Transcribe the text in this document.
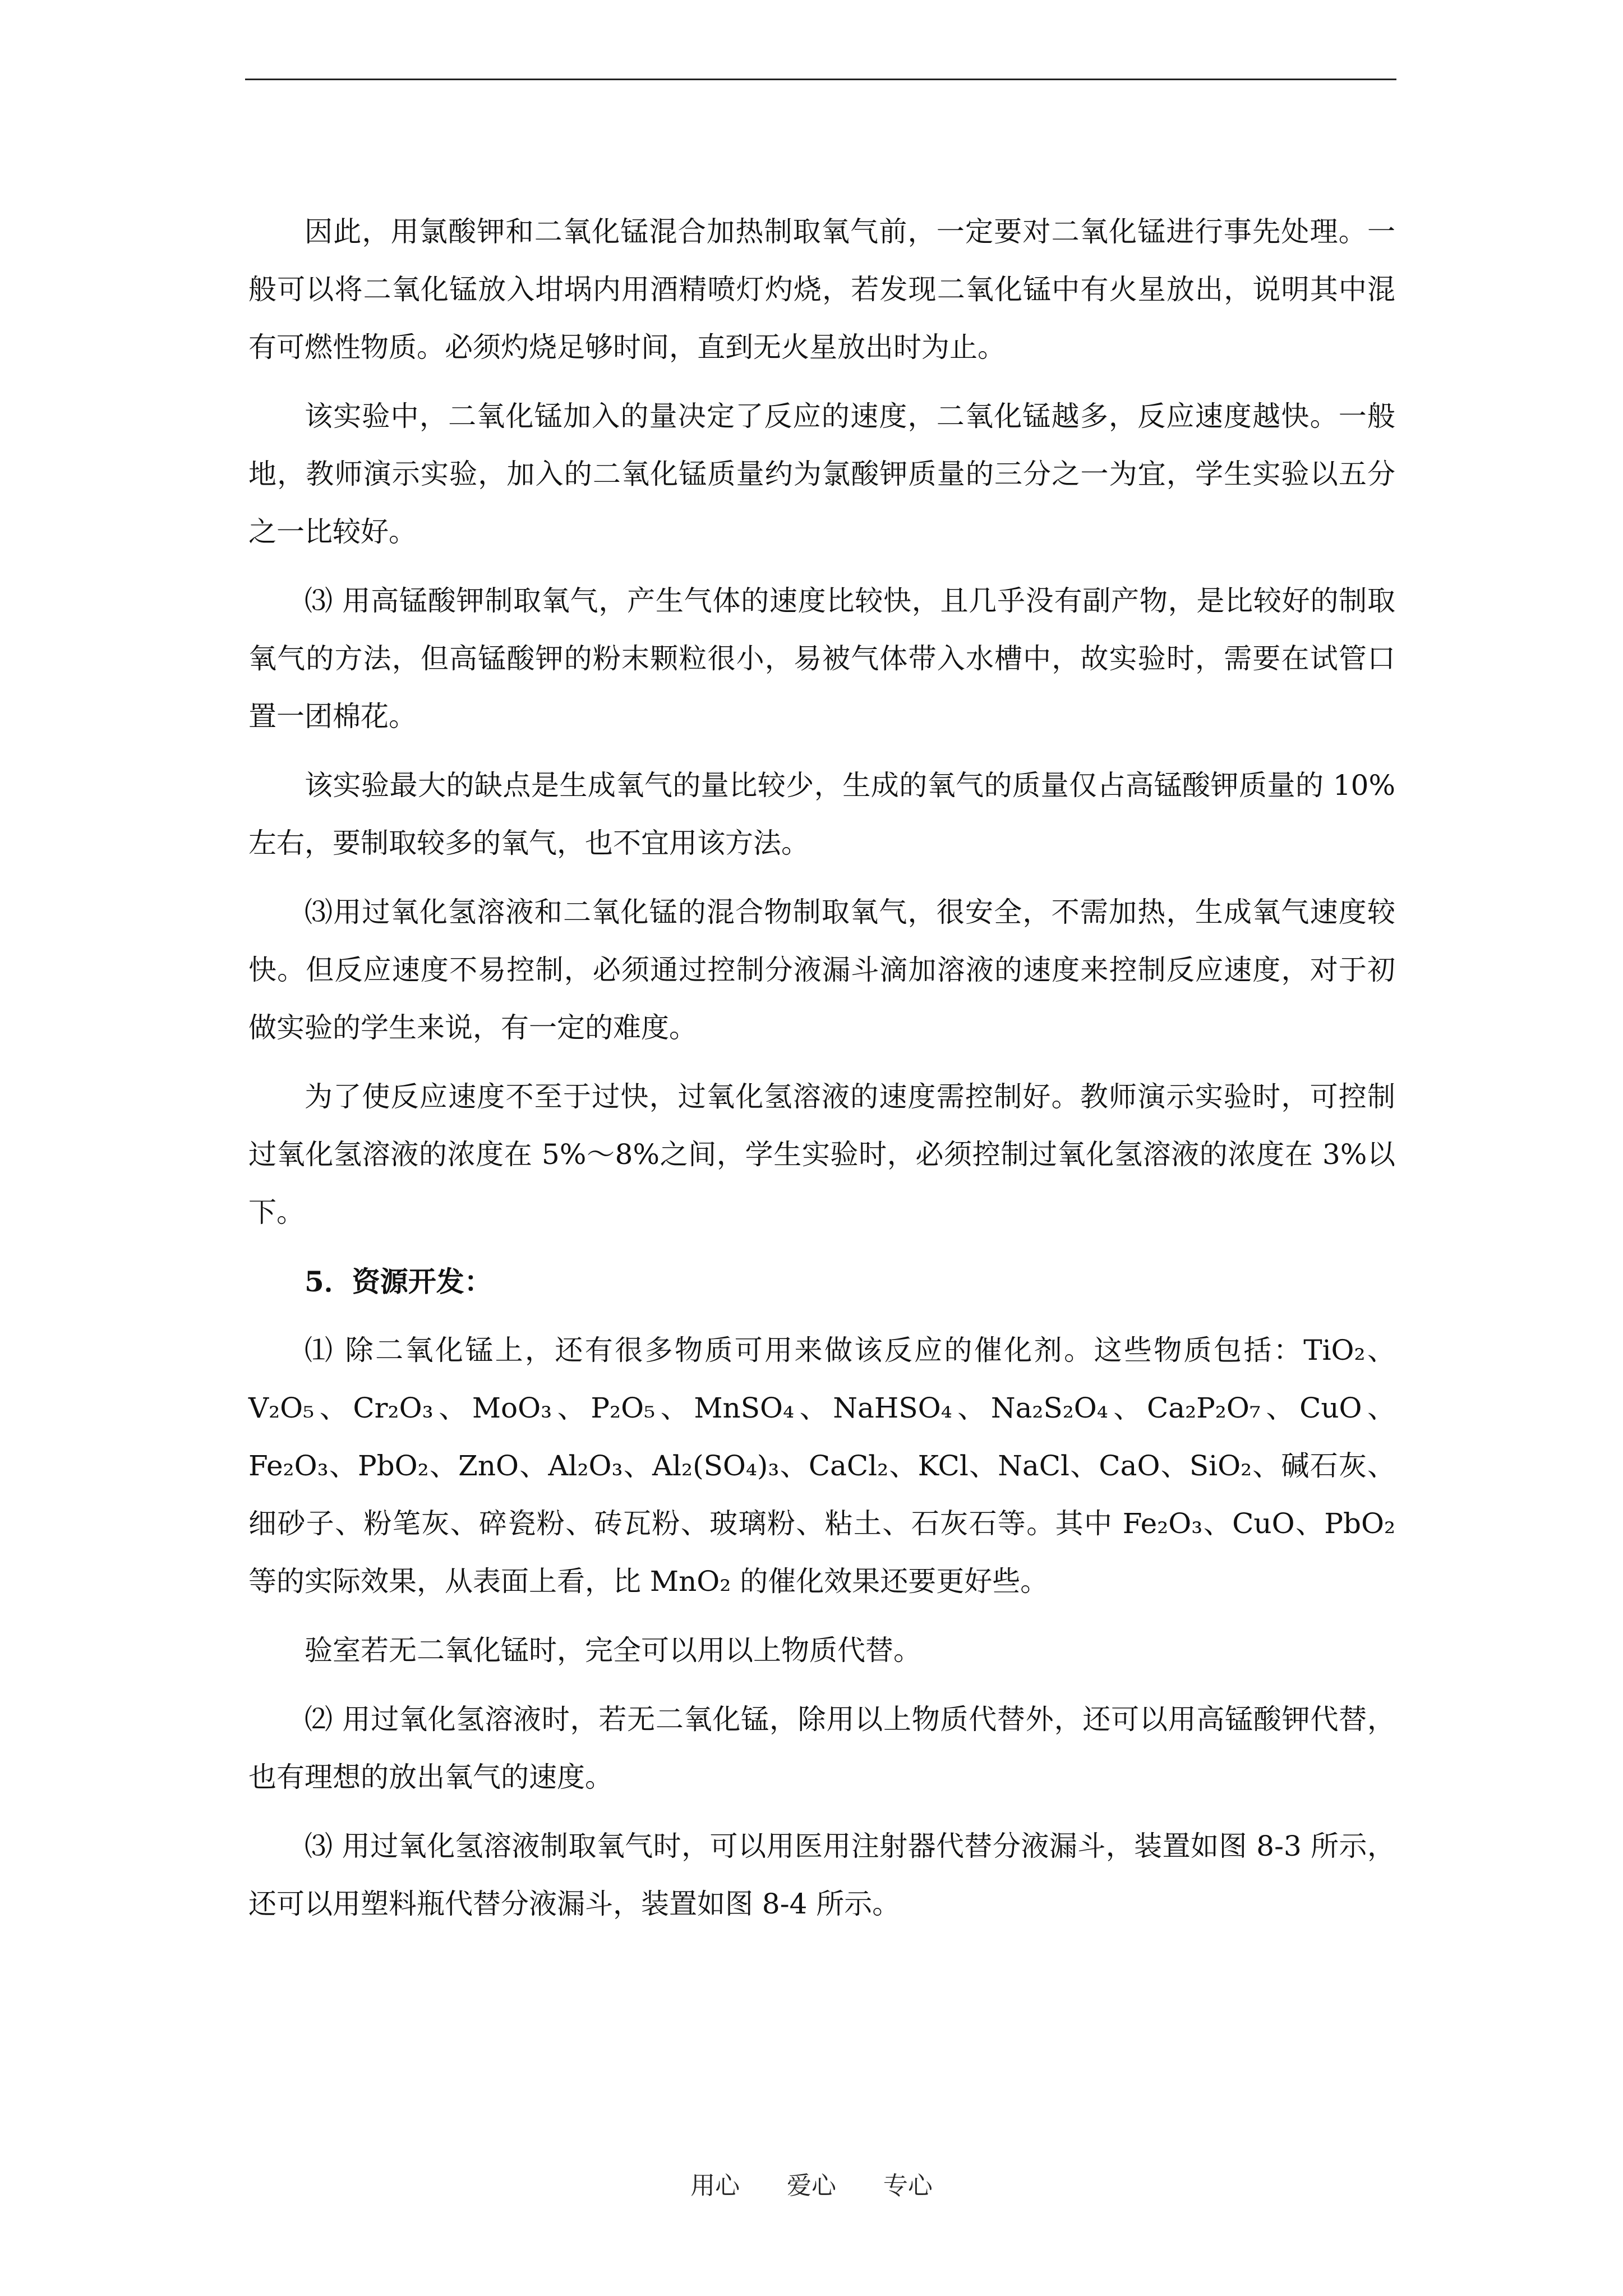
因此，用氯酸钾和二氧化锰混合加热制取氧气前，一定要对二氧化锰进行事先处理。一般可以将二氧化锰放入坩埚内用酒精喷灯灼烧，若发现二氧化锰中有火星放出，说明其中混有可燃性物质。必须灼烧足够时间，直到无火星放出时为止。

该实验中，二氧化锰加入的量决定了反应的速度，二氧化锰越多，反应速度越快。一般地，教师演示实验，加入的二氧化锰质量约为氯酸钾质量的三分之一为宜，学生实验以五分之一比较好。

⑶ 用高锰酸钾制取氧气，产生气体的速度比较快，且几乎没有副产物，是比较好的制取氧气的方法，但高锰酸钾的粉末颗粒很小，易被气体带入水槽中，故实验时，需要在试管口置一团棉花。

该实验最大的缺点是生成氧气的量比较少，生成的氧气的质量仅占高锰酸钾质量的 10%左右，要制取较多的氧气，也不宜用该方法。

⑶用过氧化氢溶液和二氧化锰的混合物制取氧气，很安全，不需加热，生成氧气速度较快。但反应速度不易控制，必须通过控制分液漏斗滴加溶液的速度来控制反应速度，对于初做实验的学生来说，有一定的难度。

为了使反应速度不至于过快，过氧化氢溶液的速度需控制好。教师演示实验时，可控制过氧化氢溶液的浓度在 5%～8%之间，学生实验时，必须控制过氧化氢溶液的浓度在 3%以下。

5．资源开发：

⑴ 除二氧化锰上，还有很多物质可用来做该反应的催化剂。这些物质包括：TiO₂、V₂O₅、Cr₂O₃、MoO₃、P₂O₅、MnSO₄、NaHSO₄、Na₂S₂O₄、Ca₂P₂O₇、CuO、Fe₂O₃、PbO₂、ZnO、Al₂O₃、Al₂(SO₄)₃、CaCl₂、KCl、NaCl、CaO、SiO₂、碱石灰、细砂子、粉笔灰、碎瓷粉、砖瓦粉、玻璃粉、粘土、石灰石等。其中 Fe₂O₃、CuO、PbO₂ 等的实际效果，从表面上看，比 MnO₂ 的催化效果还要更好些。

验室若无二氧化锰时，完全可以用以上物质代替。

⑵ 用过氧化氢溶液时，若无二氧化锰，除用以上物质代替外，还可以用高锰酸钾代替，也有理想的放出氧气的速度。

⑶ 用过氧化氢溶液制取氧气时，可以用医用注射器代替分液漏斗，装置如图 8-3 所示，还可以用塑料瓶代替分液漏斗，装置如图 8-4 所示。

用心      爱心      专心
